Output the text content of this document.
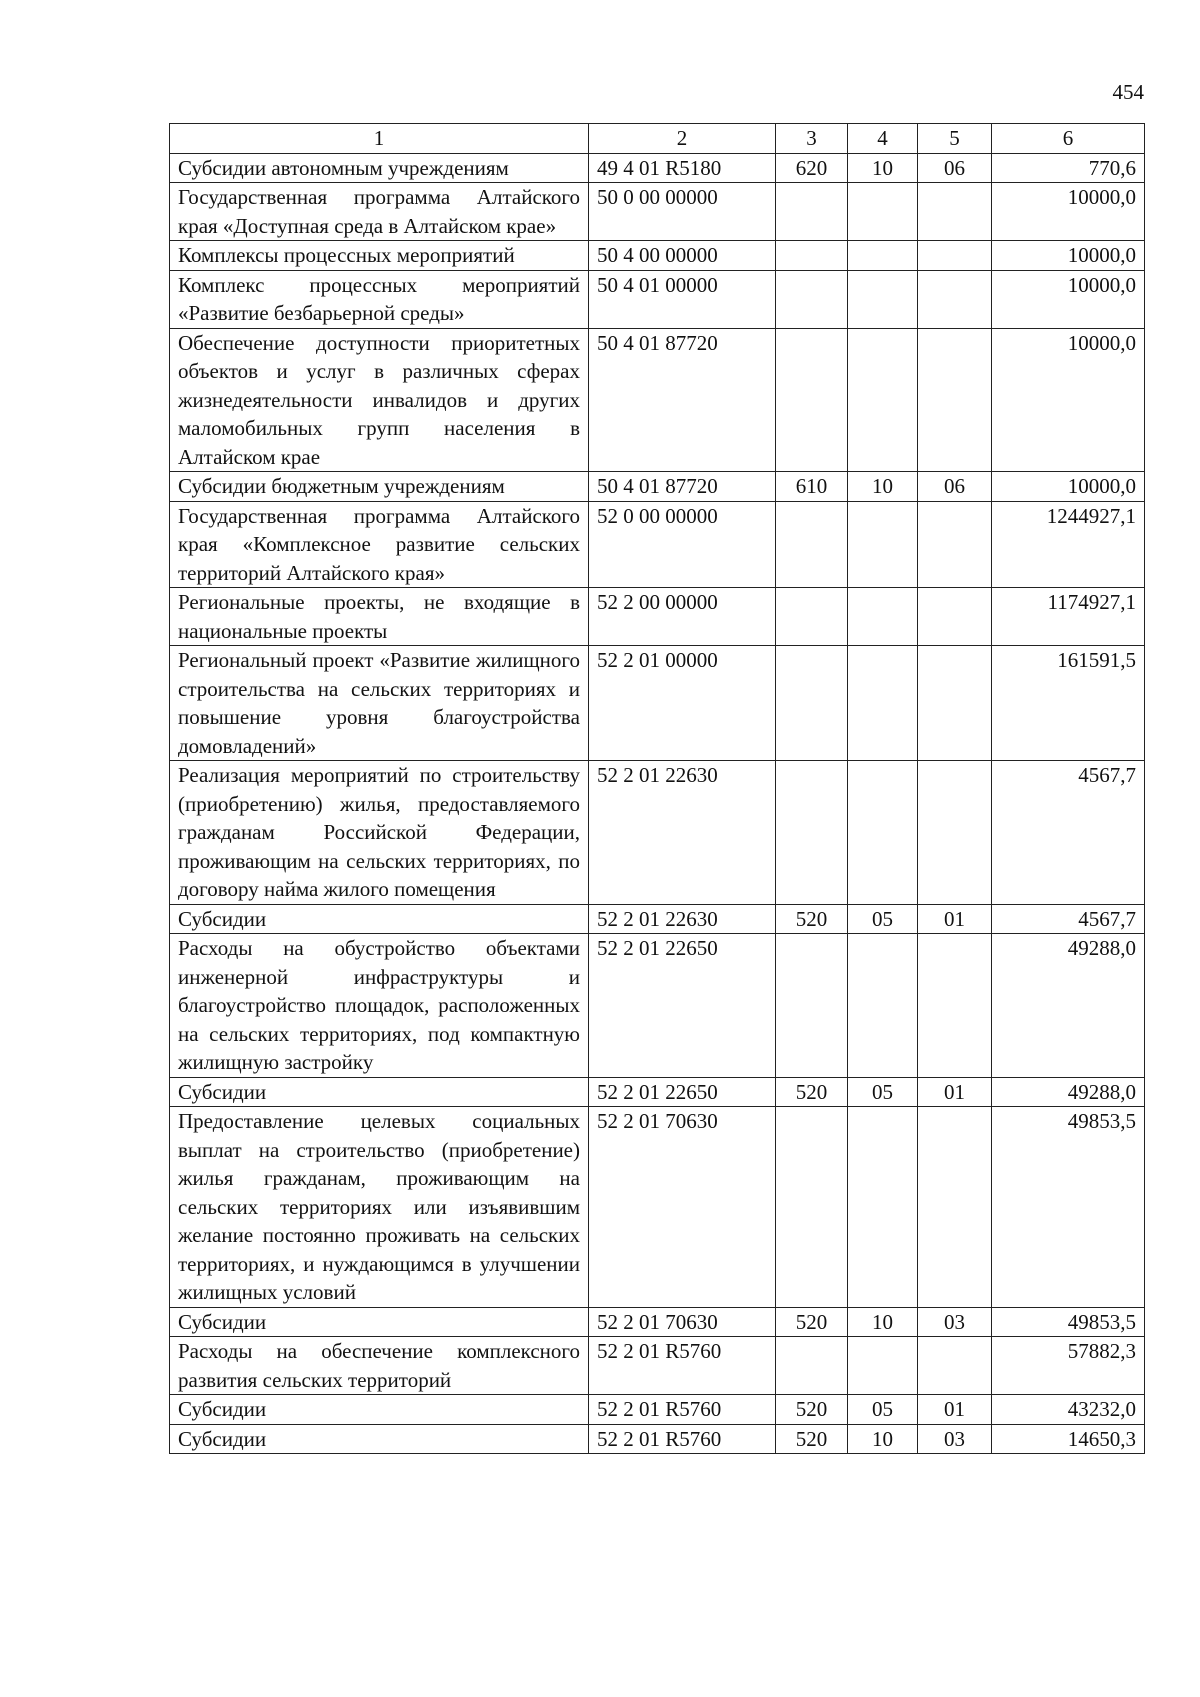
454
1	2	3	4	5	6
Субсидии автономным учреждениям	49 4 01 R5180	620	10	06	770,6
Государственная программа Алтайского края «Доступная среда в Алтайском крае»	50 0 00 00000				10000,0
Комплексы процессных мероприятий	50 4 00 00000				10000,0
Комплекс процессных мероприятий «Развитие безбарьерной среды»	50 4 01 00000				10000,0
Обеспечение доступности приоритетных объектов и услуг в различных сферах жизнедеятельности инвалидов и других маломобильных групп населения в Алтайском крае	50 4 01 87720				10000,0
Субсидии бюджетным учреждениям	50 4 01 87720	610	10	06	10000,0
Государственная программа Алтайского края «Комплексное развитие сельских территорий Алтайского края»	52 0 00 00000				1244927,1
Региональные проекты, не входящие в национальные проекты	52 2 00 00000				1174927,1
Региональный проект «Развитие жилищного строительства на сельских территориях и повышение уровня благоустройства домовладений»	52 2 01 00000				161591,5
Реализация мероприятий по строительству (приобретению) жилья, предоставляемого гражданам Российской Федерации, проживающим на сельских территориях, по договору найма жилого помещения	52 2 01 22630				4567,7
Субсидии	52 2 01 22630	520	05	01	4567,7
Расходы на обустройство объектами инженерной инфраструктуры и благоустройство площадок, расположенных на сельских территориях, под компактную жилищную застройку	52 2 01 22650				49288,0
Субсидии	52 2 01 22650	520	05	01	49288,0
Предоставление целевых социальных выплат на строительство (приобретение) жилья гражданам, проживающим на сельских территориях или изъявившим желание постоянно проживать на сельских территориях, и нуждающимся в улучшении жилищных условий	52 2 01 70630				49853,5
Субсидии	52 2 01 70630	520	10	03	49853,5
Расходы на обеспечение комплексного развития сельских территорий	52 2 01 R5760				57882,3
Субсидии	52 2 01 R5760	520	05	01	43232,0
Субсидии	52 2 01 R5760	520	10	03	14650,3
